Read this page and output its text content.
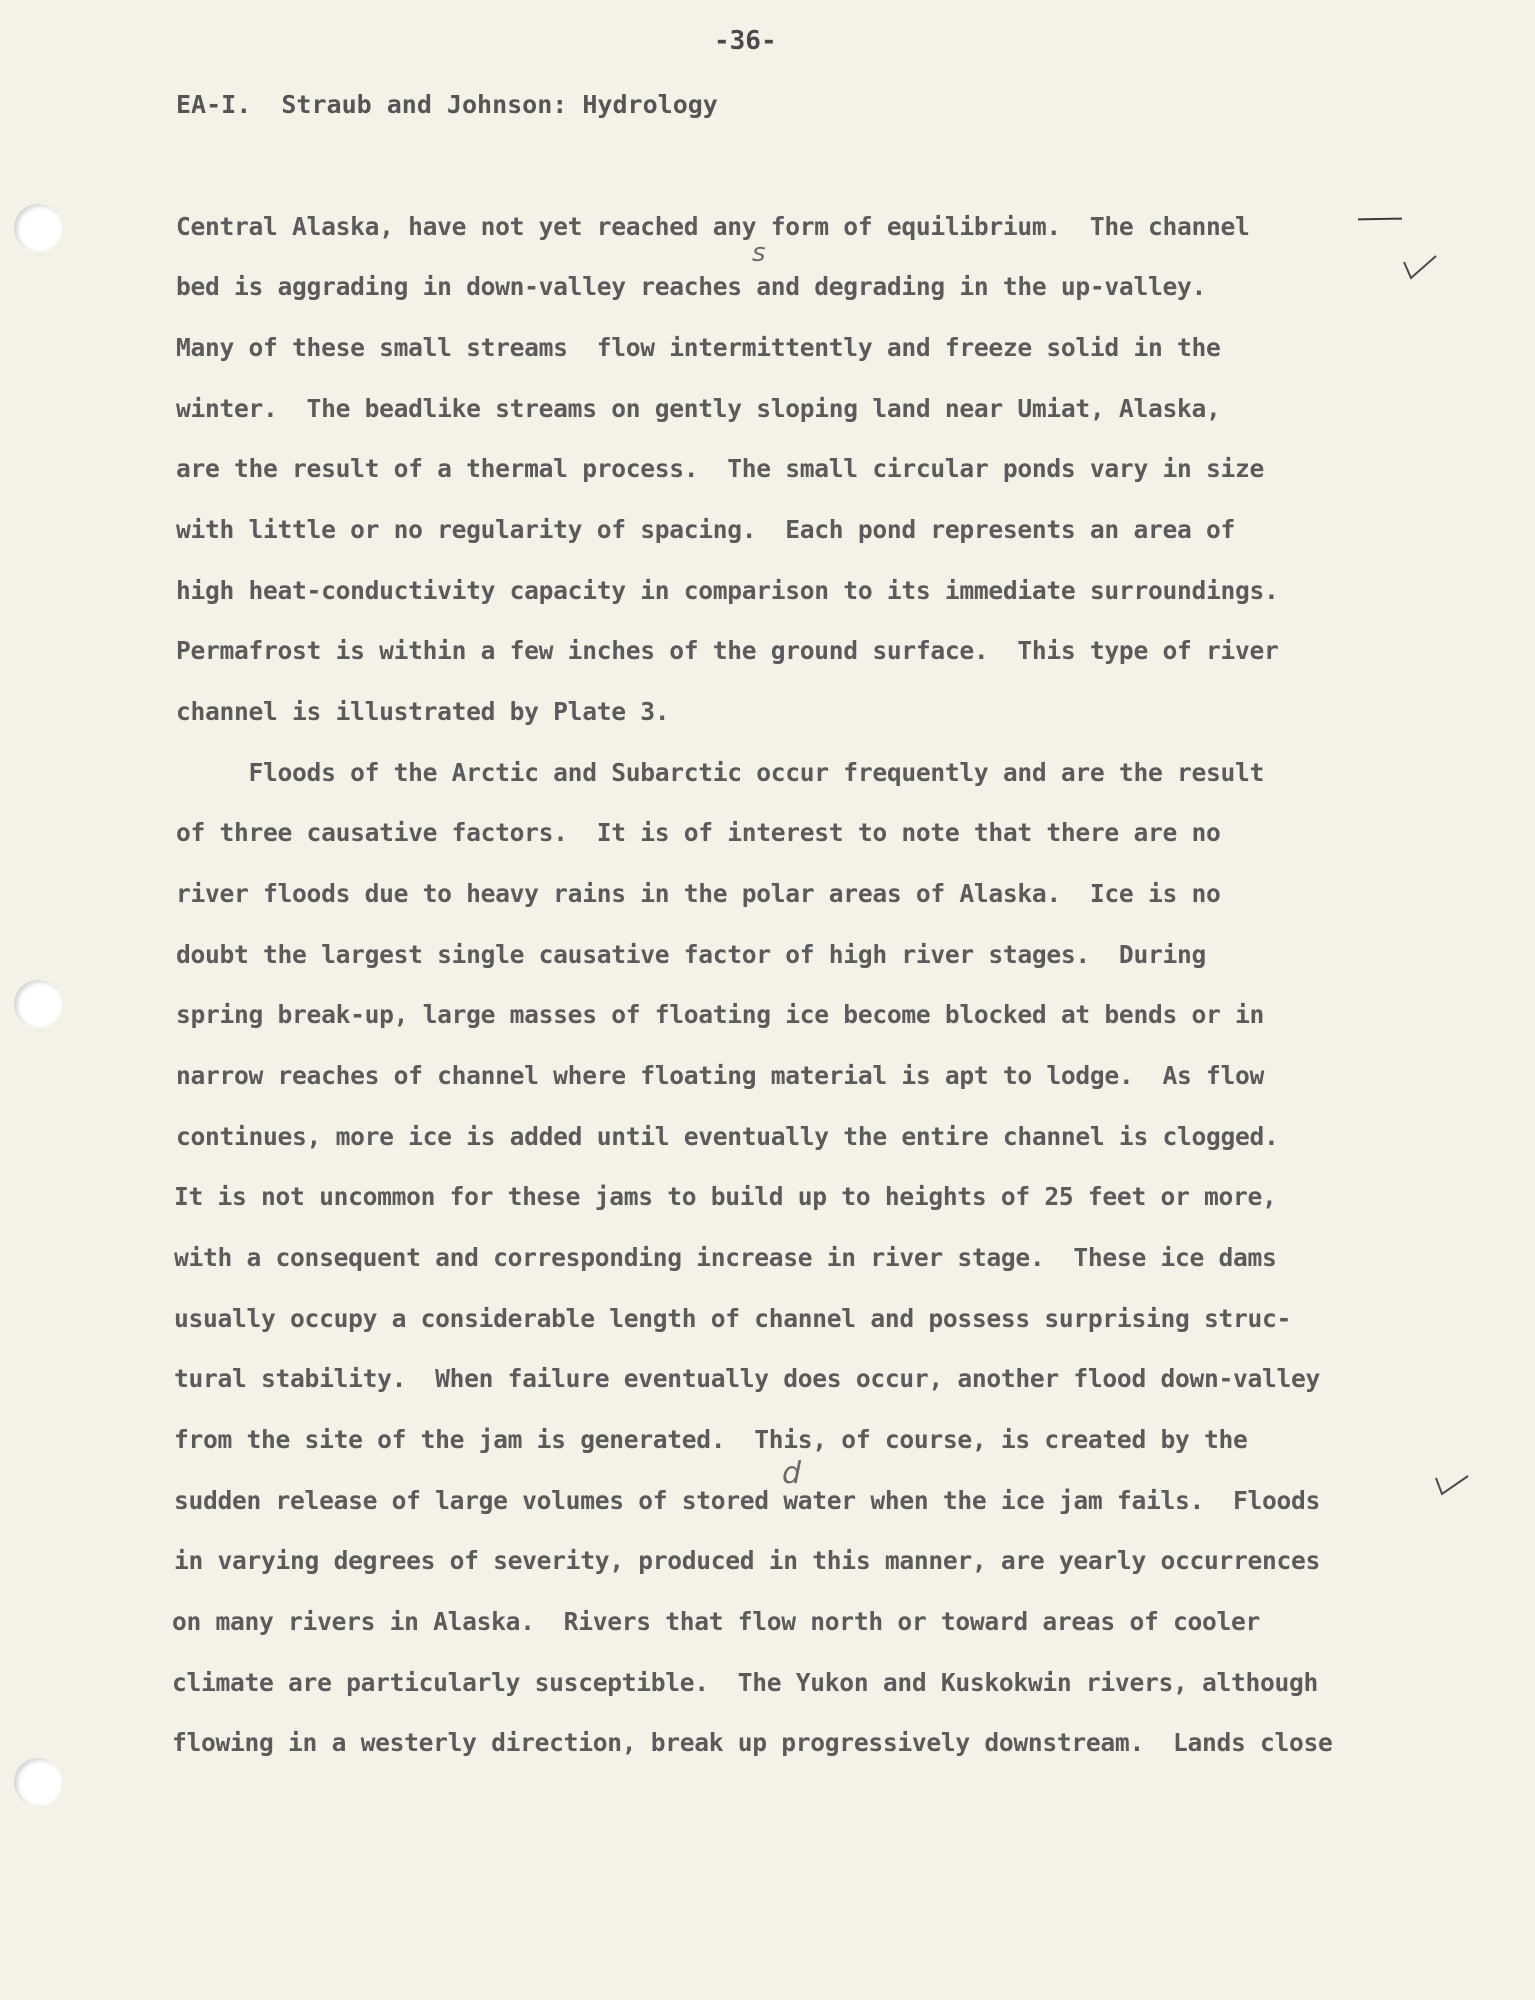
-36-
EA-I.  Straub and Johnson: Hydrology
Central Alaska, have not yet reached any form of equilibrium.  The channel
bed is aggrading in down-valley reaches and degrading in the up-valley.
Many of these small streams  flow intermittently and freeze solid in the
winter.  The beadlike streams on gently sloping land near Umiat, Alaska,
are the result of a thermal process.  The small circular ponds vary in size
with little or no regularity of spacing.  Each pond represents an area of
high heat-conductivity capacity in comparison to its immediate surroundings.
Permafrost is within a few inches of the ground surface.  This type of river
channel is illustrated by Plate 3.
Floods of the Arctic and Subarctic occur frequently and are the result
of three causative factors.  It is of interest to note that there are no
river floods due to heavy rains in the polar areas of Alaska.  Ice is no
doubt the largest single causative factor of high river stages.  During
spring break-up, large masses of floating ice become blocked at bends or in
narrow reaches of channel where floating material is apt to lodge.  As flow
continues, more ice is added until eventually the entire channel is clogged.
It is not uncommon for these jams to build up to heights of 25 feet or more,
with a consequent and corresponding increase in river stage.  These ice dams
usually occupy a considerable length of channel and possess surprising struc-
tural stability.  When failure eventually does occur, another flood down-valley
from the site of the jam is generated.  This, of course, is created by the
sudden release of large volumes of stored water when the ice jam fails.  Floods
in varying degrees of severity, produced in this manner, are yearly occurrences
on many rivers in Alaska.  Rivers that flow north or toward areas of cooler
climate are particularly susceptible.  The Yukon and Kuskokwin rivers, although
flowing in a westerly direction, break up progressively downstream.  Lands close
s
d
